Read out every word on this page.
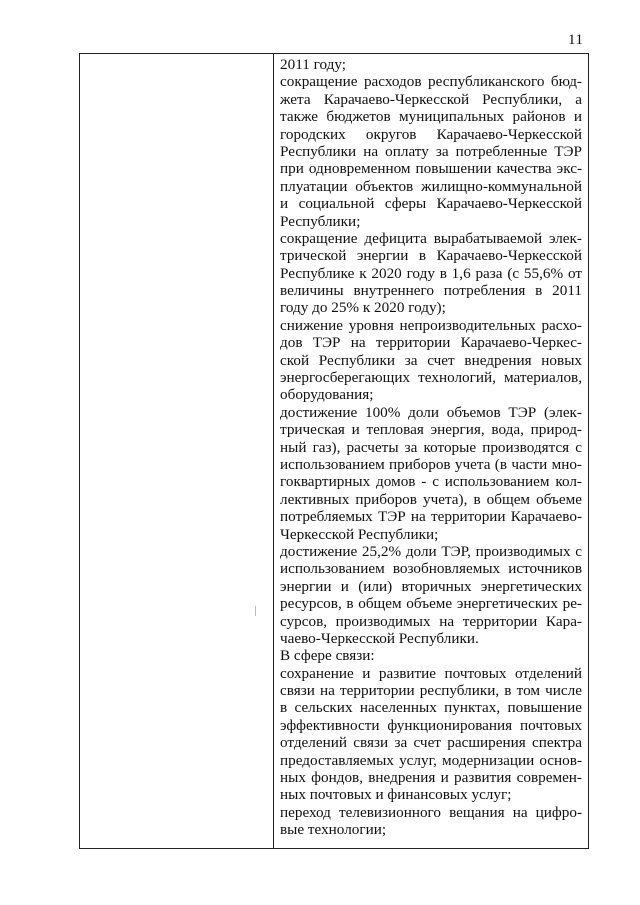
11
2011 году;
сокращение расходов республиканского бюд-
жета Карачаево-Черкесской Республики, а
также бюджетов муниципальных районов и
городских округов Карачаево-Черкесской
Республики на оплату за потребленные ТЭР
при одновременном повышении качества экс-
плуатации объектов жилищно-коммунальной
и социальной сферы Карачаево-Черкесской
Республики;
сокращение дефицита вырабатываемой элек-
трической энергии в Карачаево-Черкесской
Республике к 2020 году в 1,6 раза (с 55,6% от
величины внутреннего потребления в 2011
году до 25% к 2020 году);
снижение уровня непроизводительных расхо-
дов ТЭР на территории Карачаево-Черкес-
ской Республики за счет внедрения новых
энергосберегающих технологий, материалов,
оборудования;
достижение 100% доли объемов ТЭР (элек-
трическая и тепловая энергия, вода, природ-
ный газ), расчеты за которые производятся с
использованием приборов учета (в части мно-
гоквартирных домов - с использованием кол-
лективных приборов учета), в общем объеме
потребляемых ТЭР на территории Карачаево-
Черкесской Республики;
достижение 25,2% доли ТЭР, производимых с
использованием возобновляемых источников
энергии и (или) вторичных энергетических
ресурсов, в общем объеме энергетических ре-
сурсов, производимых на территории Кара-
чаево-Черкесской Республики.
В сфере связи:
сохранение и развитие почтовых отделений
связи на территории республики, в том числе
в сельских населенных пунктах, повышение
эффективности функционирования почтовых
отделений связи за счет расширения спектра
предоставляемых услуг, модернизации основ-
ных фондов, внедрения и развития современ-
ных почтовых и финансовых услуг;
переход телевизионного вещания на цифро-
вые технологии;
